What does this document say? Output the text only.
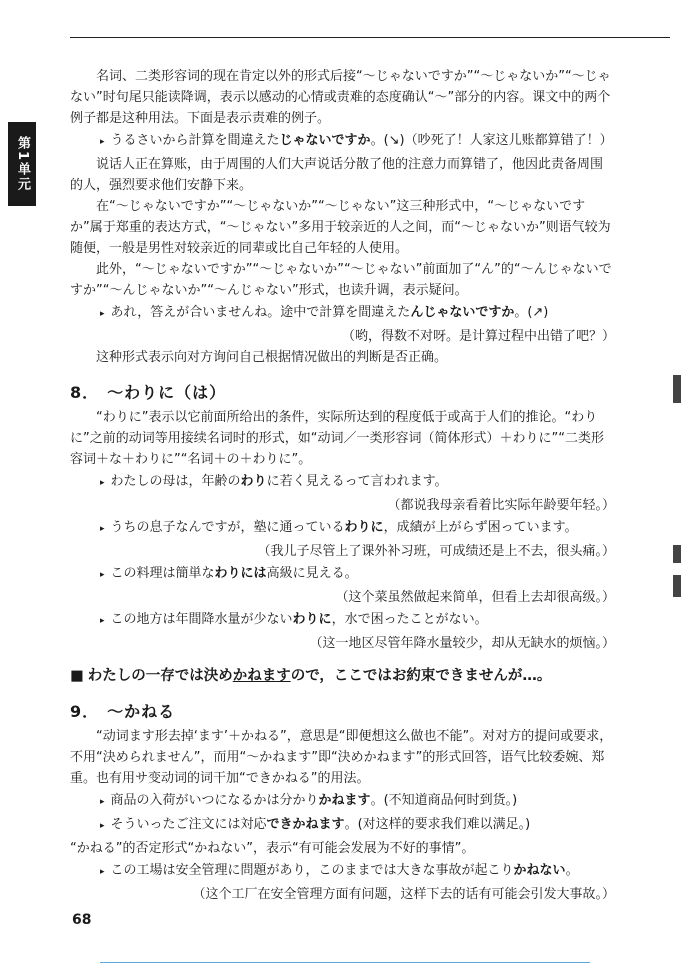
第1单元

名词、二类形容词的现在肯定以外的形式后接“～じゃないですか”“～じゃないか”“～じゃない”时句尾只能读降调，表示以感动的心情或责难的态度确认“～”部分的内容。课文中的两个例子都是这种用法。下面是表示责难的例子。

▸ うるさいから計算を間違えたじゃないですか。(↘)（吵死了！人家这儿账都算错了！）

说话人正在算账，由于周围的人们大声说话分散了他的注意力而算错了，他因此责备周围的人，强烈要求他们安静下来。

在“～じゃないですか”“～じゃないか”“～じゃない”这三种形式中，“～じゃないですか”属于郑重的表达方式，“～じゃない”多用于较亲近的人之间，而“～じゃないか”则语气较为随便，一般是男性对较亲近的同辈或比自己年轻的人使用。

此外，“～じゃないですか”“～じゃないか”“～じゃない”前面加了“ん”的“～んじゃないですか”“～んじゃないか”“～んじゃない”形式，也读升调，表示疑问。

▸ あれ，答えが合いませんね。途中で計算を間違えたんじゃないですか。(↗)

（哟，得数不对呀。是计算过程中出错了吧？）

这种形式表示向对方询问自己根据情况做出的判断是否正确。

8． ～わりに（は）

“わりに”表示以它前面所给出的条件，实际所达到的程度低于或高于人们的推论。“わりに”之前的动词等用接续名词时的形式，如“动词／一类形容词（简体形式）＋わりに”“二类形容词＋な＋わりに”“名词＋の＋わりに”。

▸ わたしの母は，年齢のわりに若く見えるって言われます。

（都说我母亲看着比实际年龄要年轻。）

▸ うちの息子なんですが，塾に通っているわりに，成績が上がらず困っています。

（我儿子尽管上了课外补习班，可成绩还是上不去，很头痛。）

▸ この料理は簡単なわりには高級に見える。

（这个菜虽然做起来简单，但看上去却很高级。）

▸ この地方は年間降水量が少ないわりに，水で困ったことがない。

（这一地区尽管年降水量较少，却从无缺水的烦恼。）

■ わたしの一存では決めかねますので，ここではお約束できませんが…。

9． ～かねる

“动词ます形去掉‘ます’＋かねる”，意思是“即便想这么做也不能”。对对方的提问或要求，不用“決められません”，而用“～かねます”即“決めかねます”的形式回答，语气比较委婉、郑重。也有用サ变动词的词干加“できかねる”的用法。

▸ 商品の入荷がいつになるかは分かりかねます。(不知道商品何时到货。)

▸ そういったご注文には対応できかねます。(对这样的要求我们难以满足。)

“かねる”的否定形式“かねない”，表示“有可能会发展为不好的事情”。

▸ この工場は安全管理に問題があり，このままでは大きな事故が起こりかねない。

（这个工厂在安全管理方面有问题，这样下去的话有可能会引发大事故。）

68
